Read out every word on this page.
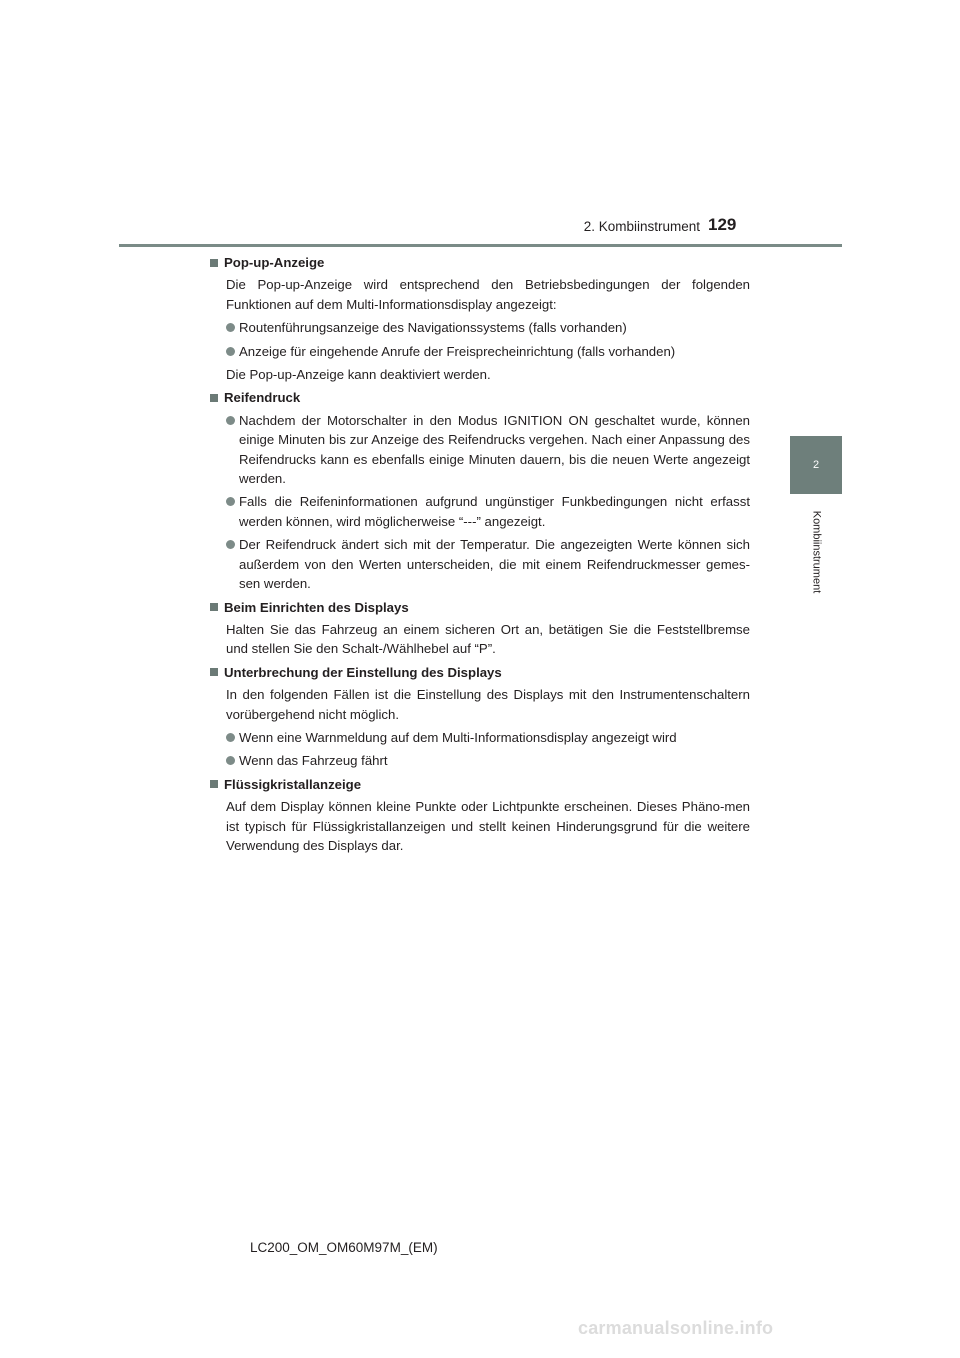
2. Kombiinstrument 129
2
Kombiinstrument
Pop-up-Anzeige

Die Pop-up-Anzeige wird entsprechend den Betriebsbedingungen der folgenden Funktionen auf dem Multi-Informationsdisplay angezeigt:

Routenführungsanzeige des Navigationssystems (falls vorhanden)
Anzeige für eingehende Anrufe der Freisprecheinrichtung (falls vorhanden)

Die Pop-up-Anzeige kann deaktiviert werden.

Reifendruck
Nachdem der Motorschalter in den Modus IGNITION ON geschaltet wurde, können einige Minuten bis zur Anzeige des Reifendrucks vergehen. Nach einer Anpassung des Reifendrucks kann es ebenfalls einige Minuten dauern, bis die neuen Werte angezeigt werden.
Falls die Reifeninformationen aufgrund ungünstiger Funkbedingungen nicht erfasst werden können, wird möglicherweise “---” angezeigt.
Der Reifendruck ändert sich mit der Temperatur. Die angezeigten Werte können sich außerdem von den Werten unterscheiden, die mit einem Reifendruckmesser gemes-sen werden.
Beim Einrichten des Displays

Halten Sie das Fahrzeug an einem sicheren Ort an, betätigen Sie die Feststellbremse und stellen Sie den Schalt-/Wählhebel auf “P”.

Unterbrechung der Einstellung des Displays

In den folgenden Fällen ist die Einstellung des Displays mit den Instrumentenschaltern vorübergehend nicht möglich.

Wenn eine Warnmeldung auf dem Multi-Informationsdisplay angezeigt wird
Wenn das Fahrzeug fährt
Flüssigkristallanzeige

Auf dem Display können kleine Punkte oder Lichtpunkte erscheinen. Dieses Phäno-men ist typisch für Flüssigkristallanzeigen und stellt keinen Hinderungsgrund für die weitere Verwendung des Displays dar.

LC200_OM_OM60M97M_(EM)
carmanualsonline.info
